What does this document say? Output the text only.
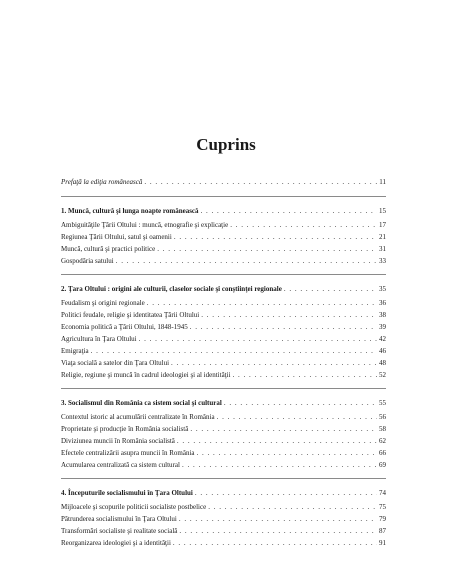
Cuprins
Prefaţă la ediţia românească . . .	11
1. Muncă, cultură şi lunga noapte românească . . .	15
Ambiguităţile Ţării Oltului : muncă, etnografie şi explicaţie . . .	17
Regiunea Ţării Oltului, satul şi oamenii . . .	21
Muncă, cultură şi practici politice . . .	31
Gospodăria satului . . .	33
2. Ţara Oltului : origini ale culturii, claselor sociale şi conştiinţei regionale . . .	35
Feudalism şi origini regionale . . .	36
Politici feudale, religie şi identitatea Ţării Oltului . . .	38
Economia politică a Ţării Oltului, 1848-1945 . . .	39
Agricultura în Ţara Oltului . . .	42
Emigraţia . . .	46
Viaţa socială a satelor din Ţara Oltului . . .	48
Religie, regiune şi muncă în cadrul ideologiei şi al identităţii . . .	52
3. Socialismul din România ca sistem social şi cultural . . .	55
Contextul istoric al acumulării centralizate în România . . .	56
Proprietate şi producţie în România socialistă . . .	58
Diviziunea muncii în România socialistă . . .	62
Efectele centralizării asupra muncii în România . . .	66
Acumularea centralizată ca sistem cultural . . .	69
4. Începuturile socialismului în Ţara Oltului . . .	74
Mijloacele şi scopurile politicii socialiste postbelice . . .	75
Pătrunderea socialismului în Ţara Oltului . . .	79
Transformări socialiste şi realitate socială . . .	87
Reorganizarea ideologiei şi a identităţii . . .	91
